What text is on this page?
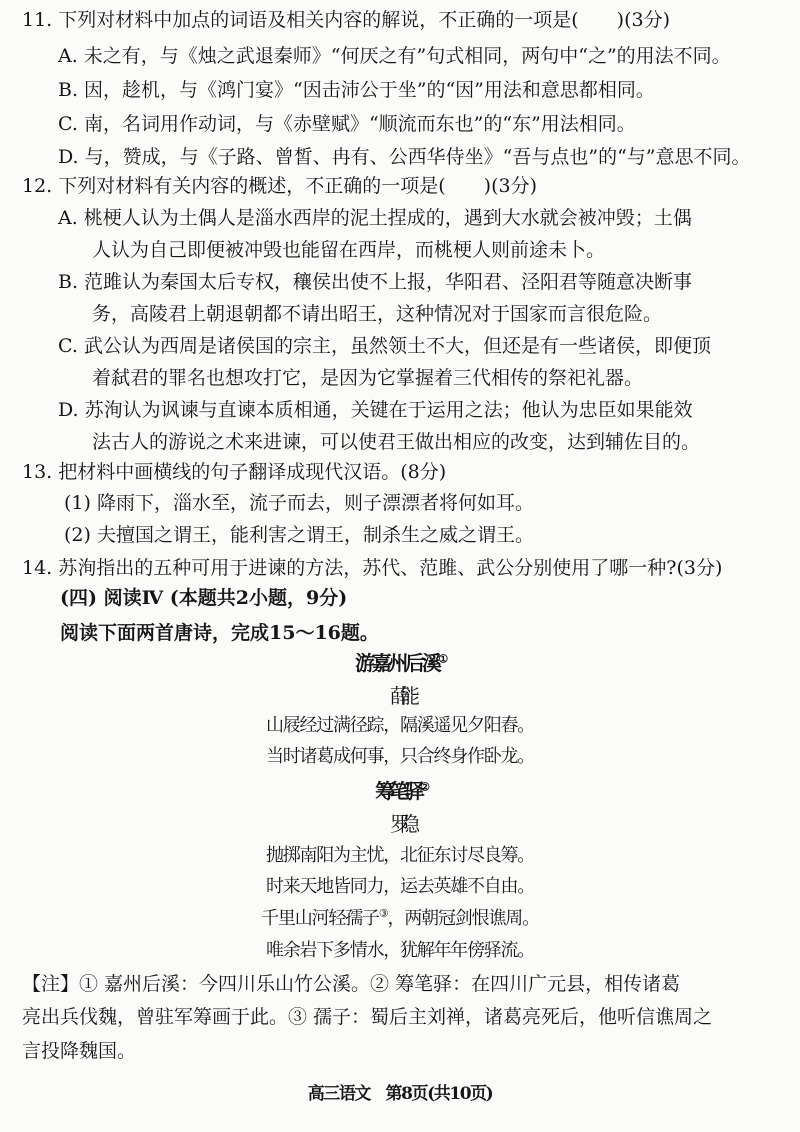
11. 下列对材料中加点的词语及相关内容的解说，不正确的一项是(　　)(3分)
A. 未之有，与《烛之武退秦师》“何厌之有”句式相同，两句中“之”的用法不同。
B. 因，趁机，与《鸿门宴》“因击沛公于坐”的“因”用法和意思都相同。
C. 南，名词用作动词，与《赤壁赋》“顺流而东也”的“东”用法相同。
D. 与，赞成，与《子路、曾皙、冉有、公西华侍坐》“吾与点也”的“与”意思不同。
12. 下列对材料有关内容的概述，不正确的一项是(　　)(3分)
A. 桃梗人认为土偶人是淄水西岸的泥土捏成的，遇到大水就会被冲毁；土偶
人认为自己即便被冲毁也能留在西岸，而桃梗人则前途未卜。
B. 范雎认为秦国太后专权，穰侯出使不上报，华阳君、泾阳君等随意决断事
务，高陵君上朝退朝都不请出昭王，这种情况对于国家而言很危险。
C. 武公认为西周是诸侯国的宗主，虽然领土不大，但还是有一些诸侯，即便顶
着弑君的罪名也想攻打它，是因为它掌握着三代相传的祭祀礼器。
D. 苏洵认为讽谏与直谏本质相通，关键在于运用之法；他认为忠臣如果能效
法古人的游说之术来进谏，可以使君王做出相应的改变，达到辅佐目的。
13. 把材料中画横线的句子翻译成现代汉语。(8分)
(1) 降雨下，淄水至，流子而去，则子漂漂者将何如耳。
(2) 夫擅国之谓王，能利害之谓王，制杀生之威之谓王。
14. 苏洵指出的五种可用于进谏的方法，苏代、范雎、武公分别使用了哪一种?(3分)
(四) 阅读Ⅳ (本题共2小题，9分)
阅读下面两首唐诗，完成15～16题。
游嘉州后溪①
薛能
山屐经过满径踪，隔溪遥见夕阳舂。
当时诸葛成何事，只合终身作卧龙。
筹笔驿②
罗隐
抛掷南阳为主忧，北征东讨尽良筹。
时来天地皆同力，运去英雄不自由。
千里山河轻孺子③，两朝冠剑恨谯周。
唯余岩下多情水，犹解年年傍驿流。
【注】① 嘉州后溪：今四川乐山竹公溪。② 筹笔驿：在四川广元县，相传诸葛
亮出兵伐魏，曾驻军筹画于此。③ 孺子：蜀后主刘禅，诸葛亮死后，他听信谯周之
言投降魏国。
高三语文　第8页(共10页)
